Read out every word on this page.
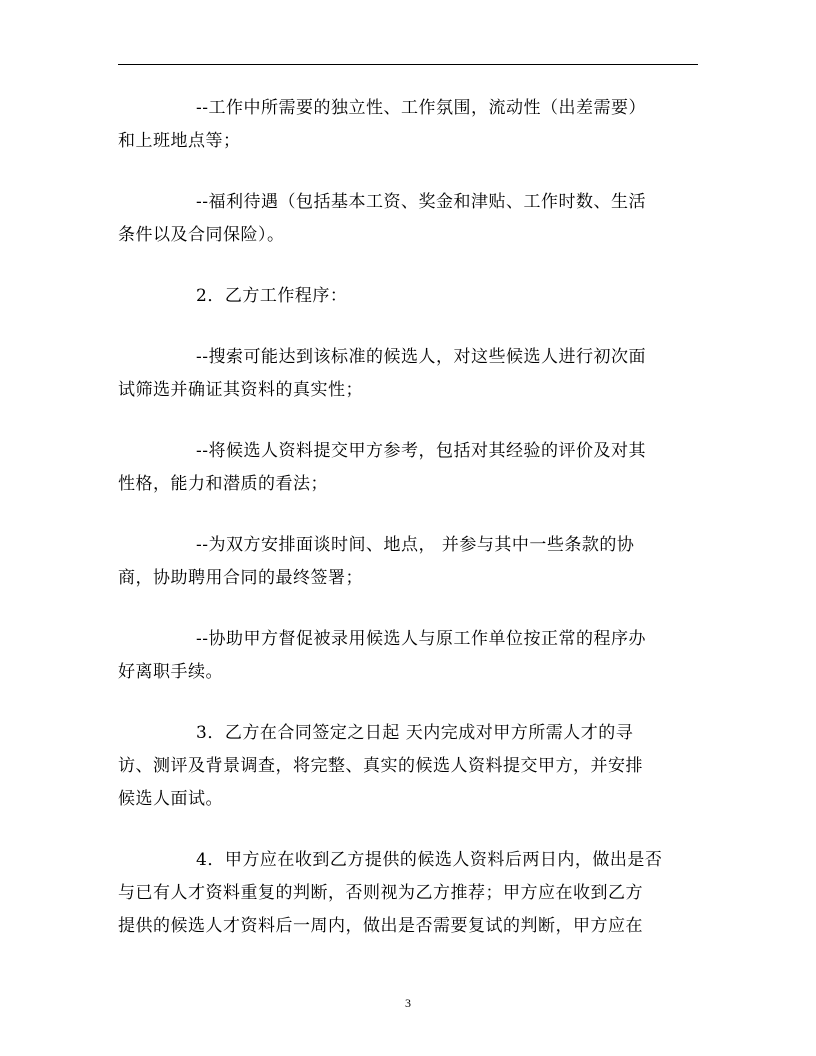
--工作中所需要的独立性、工作氛围，流动性（出差需要）

和上班地点等；

--福利待遇（包括基本工资、奖金和津贴、工作时数、生活

条件以及合同保险）。

2．乙方工作程序：

--搜索可能达到该标准的候选人，对这些候选人进行初次面

试筛选并确证其资料的真实性；

--将候选人资料提交甲方参考，包括对其经验的评价及对其

性格，能力和潜质的看法；

--为双方安排面谈时间、地点， 并参与其中一些条款的协

商，协助聘用合同的最终签署；

--协助甲方督促被录用候选人与原工作单位按正常的程序办

好离职手续。

3．乙方在合同签定之日起 天内完成对甲方所需人才的寻

访、测评及背景调查，将完整、真实的候选人资料提交甲方，并安排

候选人面试。

4．甲方应在收到乙方提供的候选人资料后两日内，做出是否

与已有人才资料重复的判断，否则视为乙方推荐；甲方应在收到乙方

提供的候选人才资料后一周内，做出是否需要复试的判断，甲方应在

3
